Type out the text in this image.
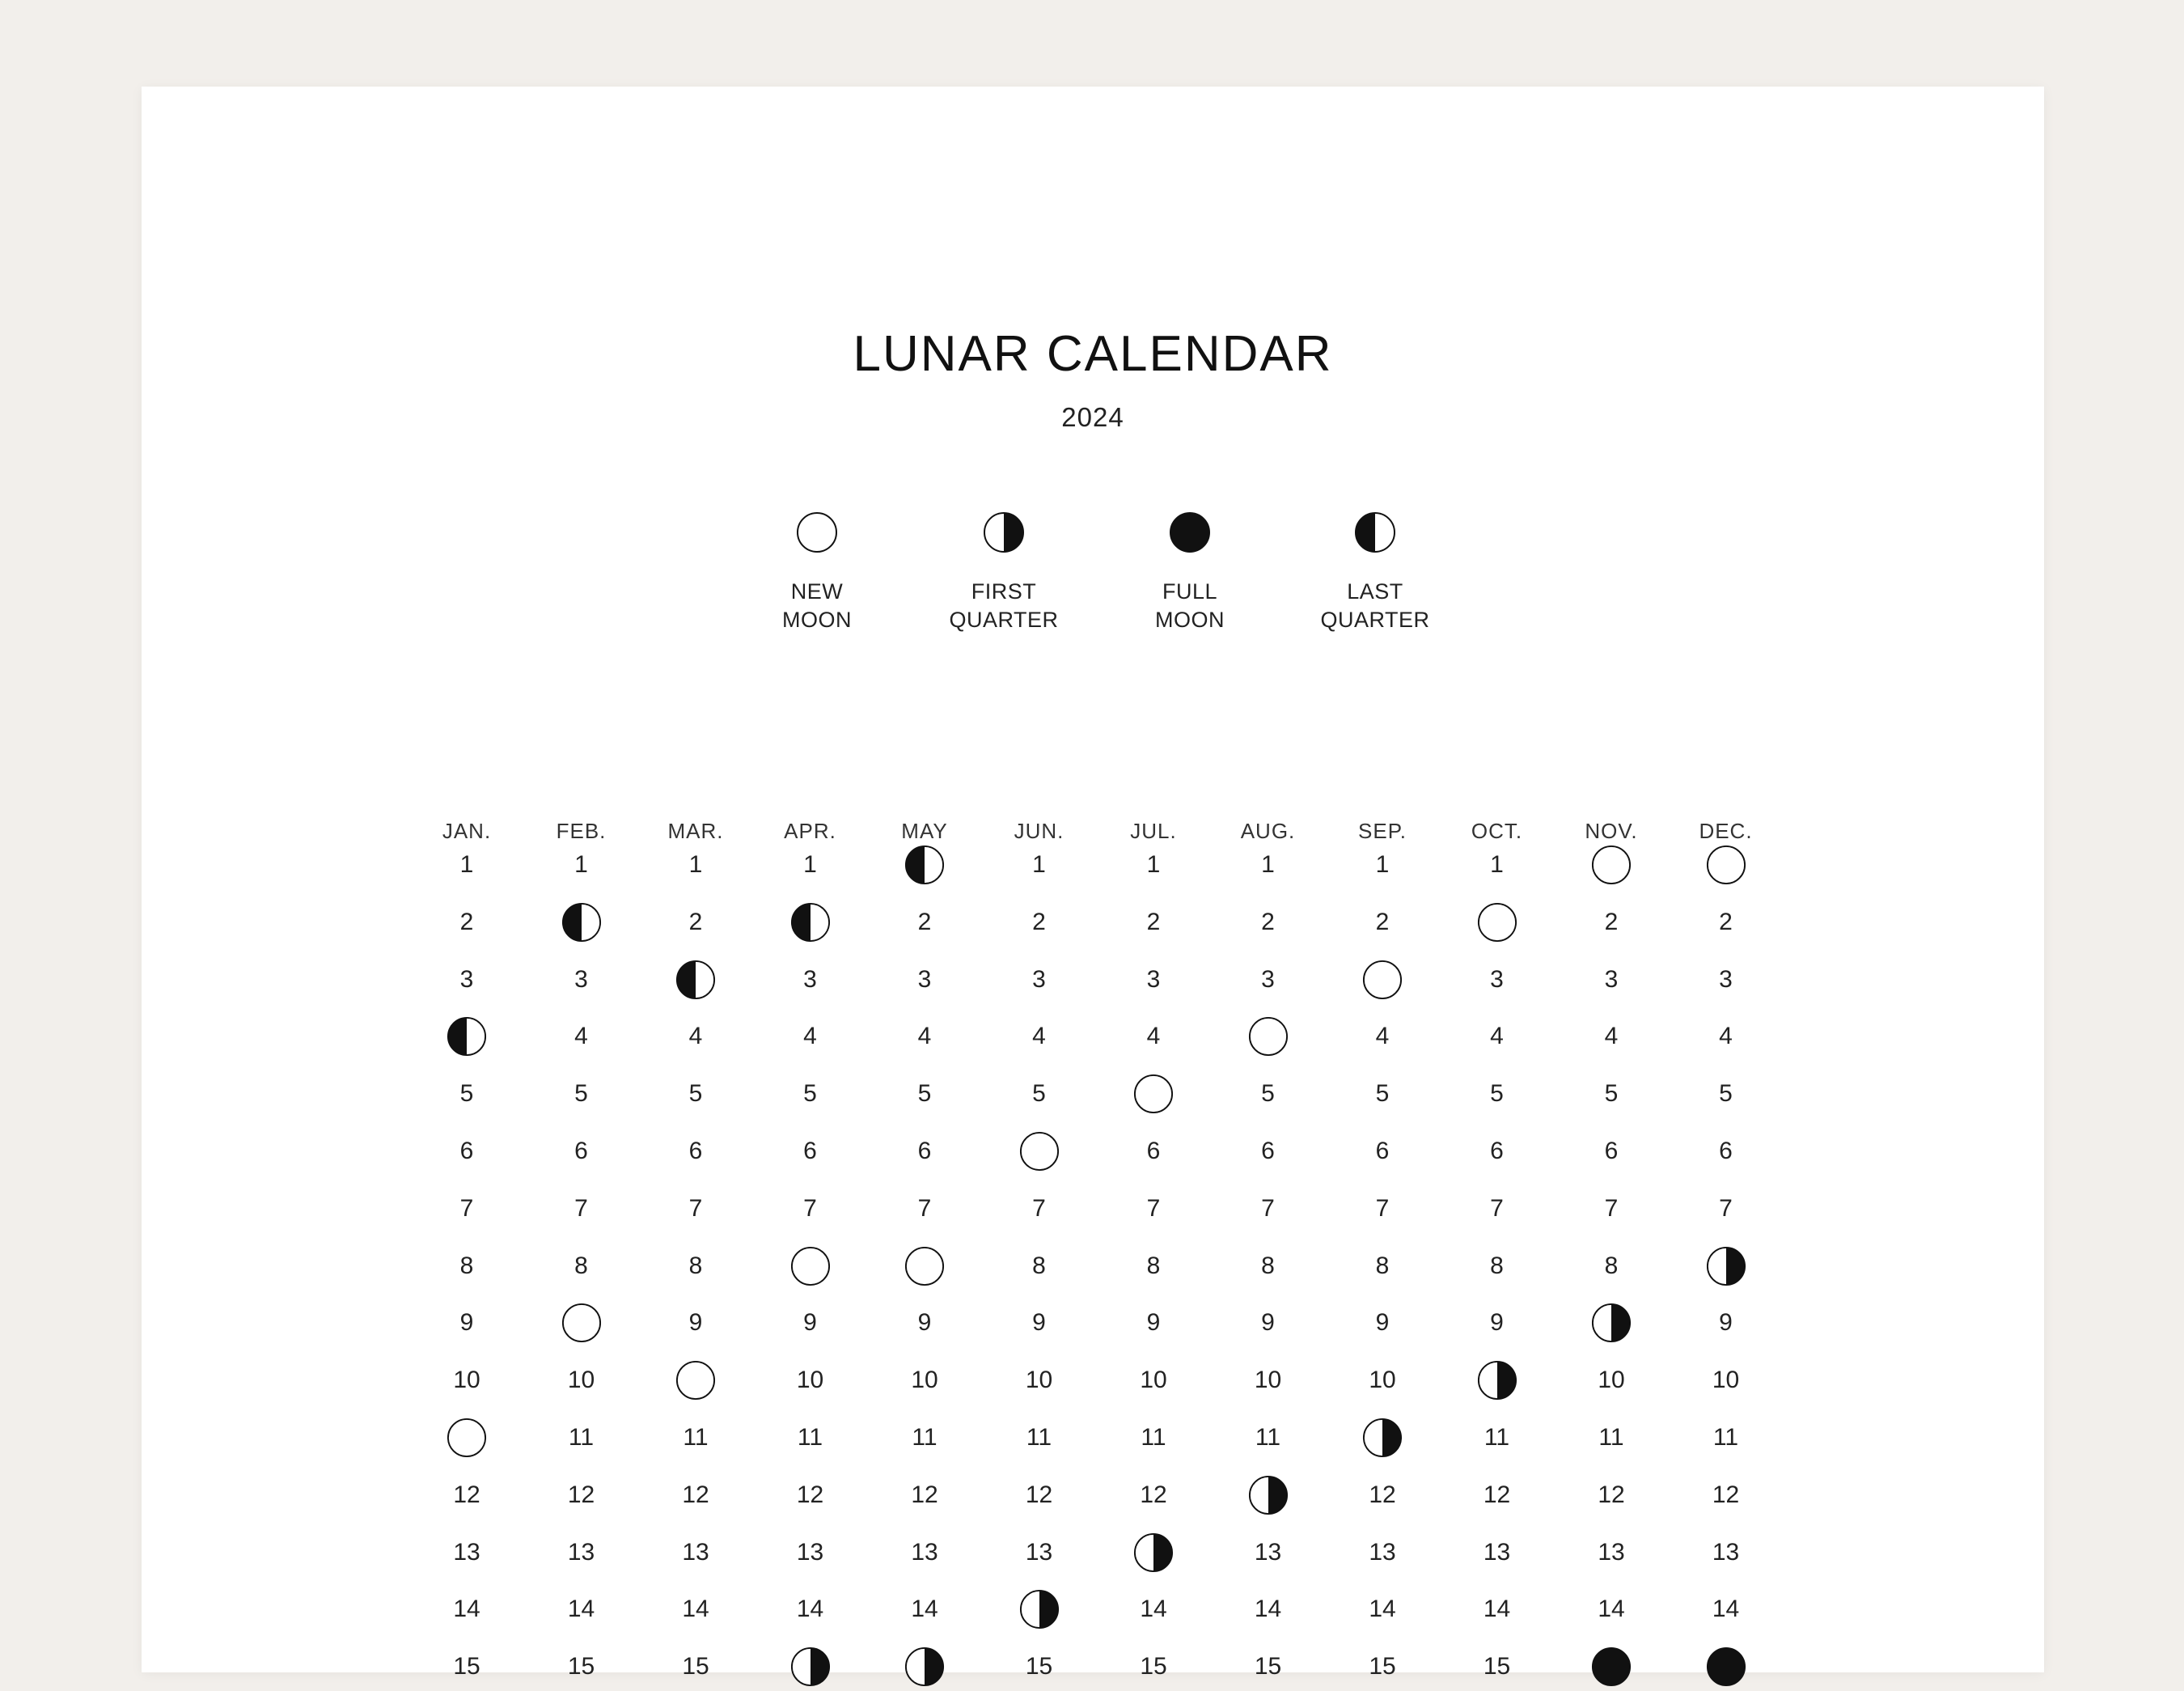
LUNAR CALENDAR
2024
NEW
MOON
FIRST
QUARTER
FULL
MOON
LAST
QUARTER
JAN.
1
2
3
5
6
7
8
9
10
12
13
14
15
FEB.
1
3
4
5
6
7
8
10
11
12
13
14
15
MAR.
1
2
4
5
6
7
8
9
11
12
13
14
15
APR.
1
3
4
5
6
7
9
10
11
12
13
14
MAY
2
3
4
5
6
7
9
10
11
12
13
14
JUN.
1
2
3
4
5
7
8
9
10
11
12
13
15
JUL.
1
2
3
4
6
7
8
9
10
11
12
14
15
AUG.
1
2
3
5
6
7
8
9
10
11
13
14
15
SEP.
1
2
4
5
6
7
8
9
10
12
13
14
15
OCT.
1
3
4
5
6
7
8
9
11
12
13
14
15
NOV.
2
3
4
5
6
7
8
10
11
12
13
14
DEC.
2
3
4
5
6
7
9
10
11
12
13
14
